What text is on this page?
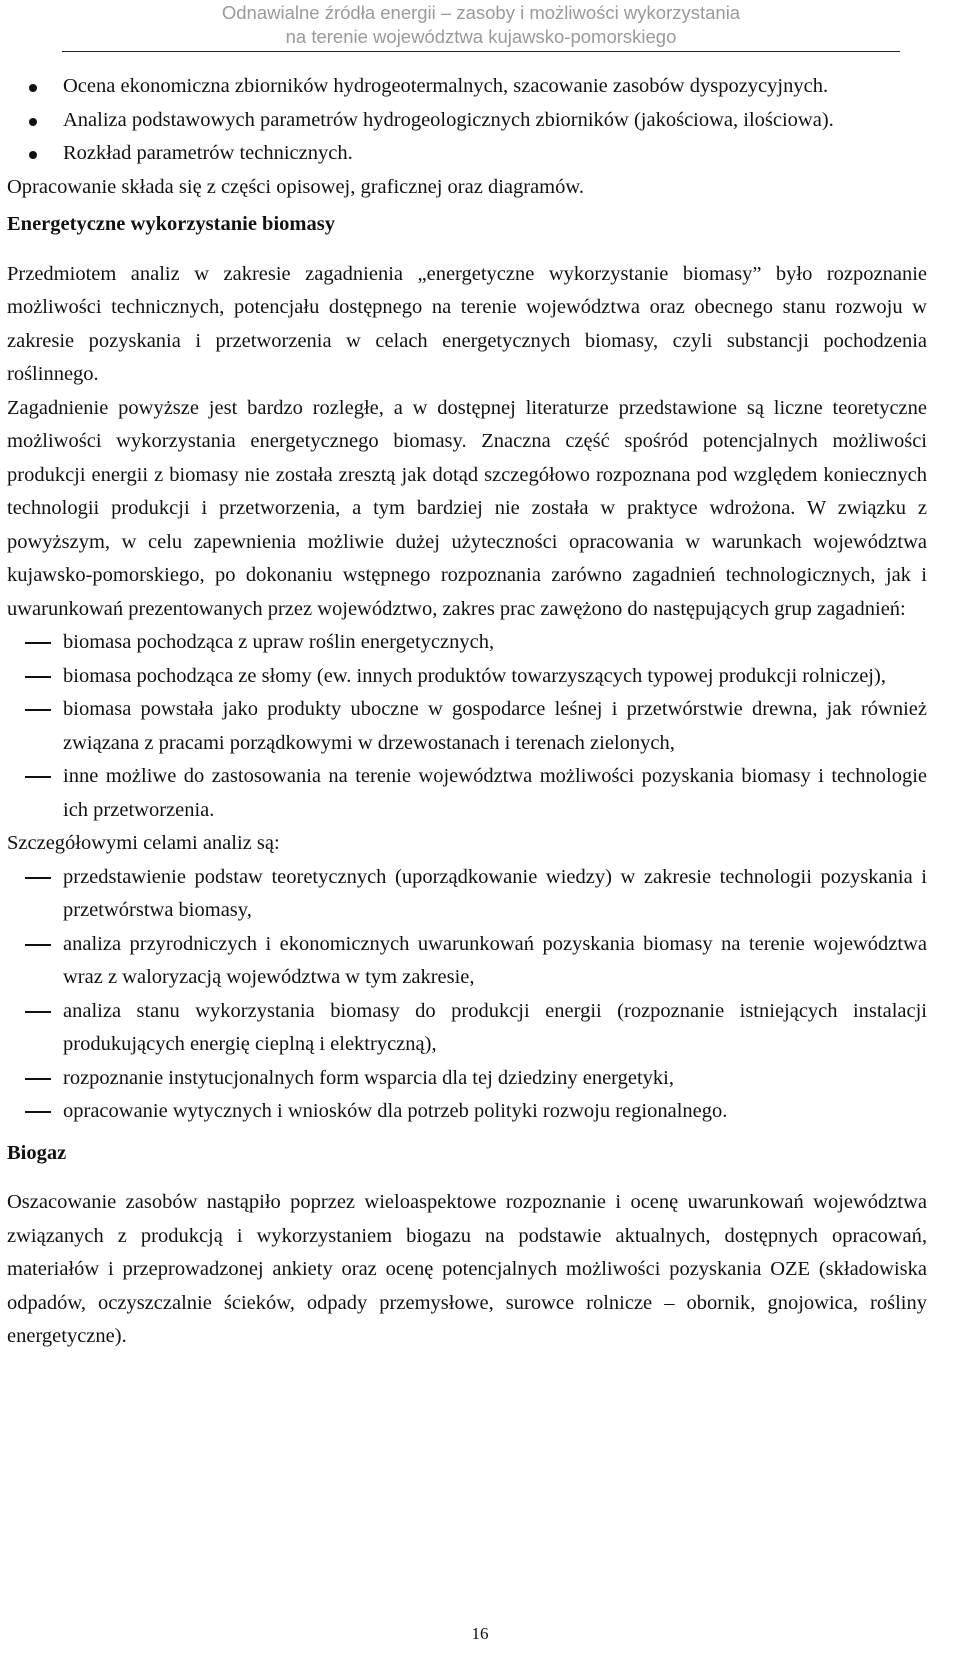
Odnawialne źródła energii – zasoby i możliwości wykorzystania
na terenie województwa kujawsko-pomorskiego
Ocena ekonomiczna zbiorników hydrogeotermalnych, szacowanie zasobów dyspozycyjnych.
Analiza podstawowych parametrów hydrogeologicznych zbiorników (jakościowa, ilościowa).
Rozkład parametrów technicznych.

Opracowanie składa się z części opisowej, graficznej oraz diagramów.

Energetyczne wykorzystanie biomasy

Przedmiotem analiz w zakresie zagadnienia „energetyczne wykorzystanie biomasy” było rozpoznanie możliwości technicznych, potencjału dostępnego na terenie województwa oraz obecnego stanu rozwoju w zakresie pozyskania i przetworzenia w celach energetycznych biomasy, czyli substancji pochodzenia roślinnego.

Zagadnienie powyższe jest bardzo rozległe, a w dostępnej literaturze przedstawione są liczne teoretyczne możliwości wykorzystania energetycznego biomasy. Znaczna część spośród potencjalnych możliwości produkcji energii z biomasy nie została zresztą jak dotąd szczegółowo rozpoznana pod względem koniecznych technologii produkcji i przetworzenia, a tym bardziej nie została w praktyce wdrożona. W związku z powyższym, w celu zapewnienia możliwie dużej użyteczności opracowania w warunkach województwa kujawsko-pomorskiego, po dokonaniu wstępnego rozpoznania zarówno zagadnień technologicznych, jak i uwarunkowań prezentowanych przez województwo, zakres prac zawężono do następujących grup zagadnień:

biomasa pochodząca z upraw roślin energetycznych,
biomasa pochodząca ze słomy (ew. innych produktów towarzyszących typowej produkcji rolniczej),
biomasa powstała jako produkty uboczne w gospodarce leśnej i przetwórstwie drewna, jak również związana z pracami porządkowymi w drzewostanach i terenach zielonych,
inne możliwe do zastosowania na terenie województwa możliwości pozyskania biomasy i technologie ich przetworzenia.

Szczegółowymi celami analiz są:

przedstawienie podstaw teoretycznych (uporządkowanie wiedzy) w zakresie technologii pozyskania i przetwórstwa biomasy,
analiza przyrodniczych i ekonomicznych uwarunkowań pozyskania biomasy na terenie województwa wraz z waloryzacją województwa w tym zakresie,
analiza stanu wykorzystania biomasy do produkcji energii (rozpoznanie istniejących instalacji produkujących energię cieplną i elektryczną),
rozpoznanie instytucjonalnych form wsparcia dla tej dziedziny energetyki,
opracowanie wytycznych i wniosków dla potrzeb polityki rozwoju regionalnego.

Biogaz

Oszacowanie zasobów nastąpiło poprzez wieloaspektowe rozpoznanie i ocenę uwarunkowań województwa związanych z produkcją i wykorzystaniem biogazu na podstawie aktualnych, dostępnych opracowań, materiałów i przeprowadzonej ankiety oraz ocenę potencjalnych możliwości pozyskania OZE (składowiska odpadów, oczyszczalnie ścieków, odpady przemysłowe, surowce rolnicze – obornik, gnojowica, rośliny energetyczne).

16
